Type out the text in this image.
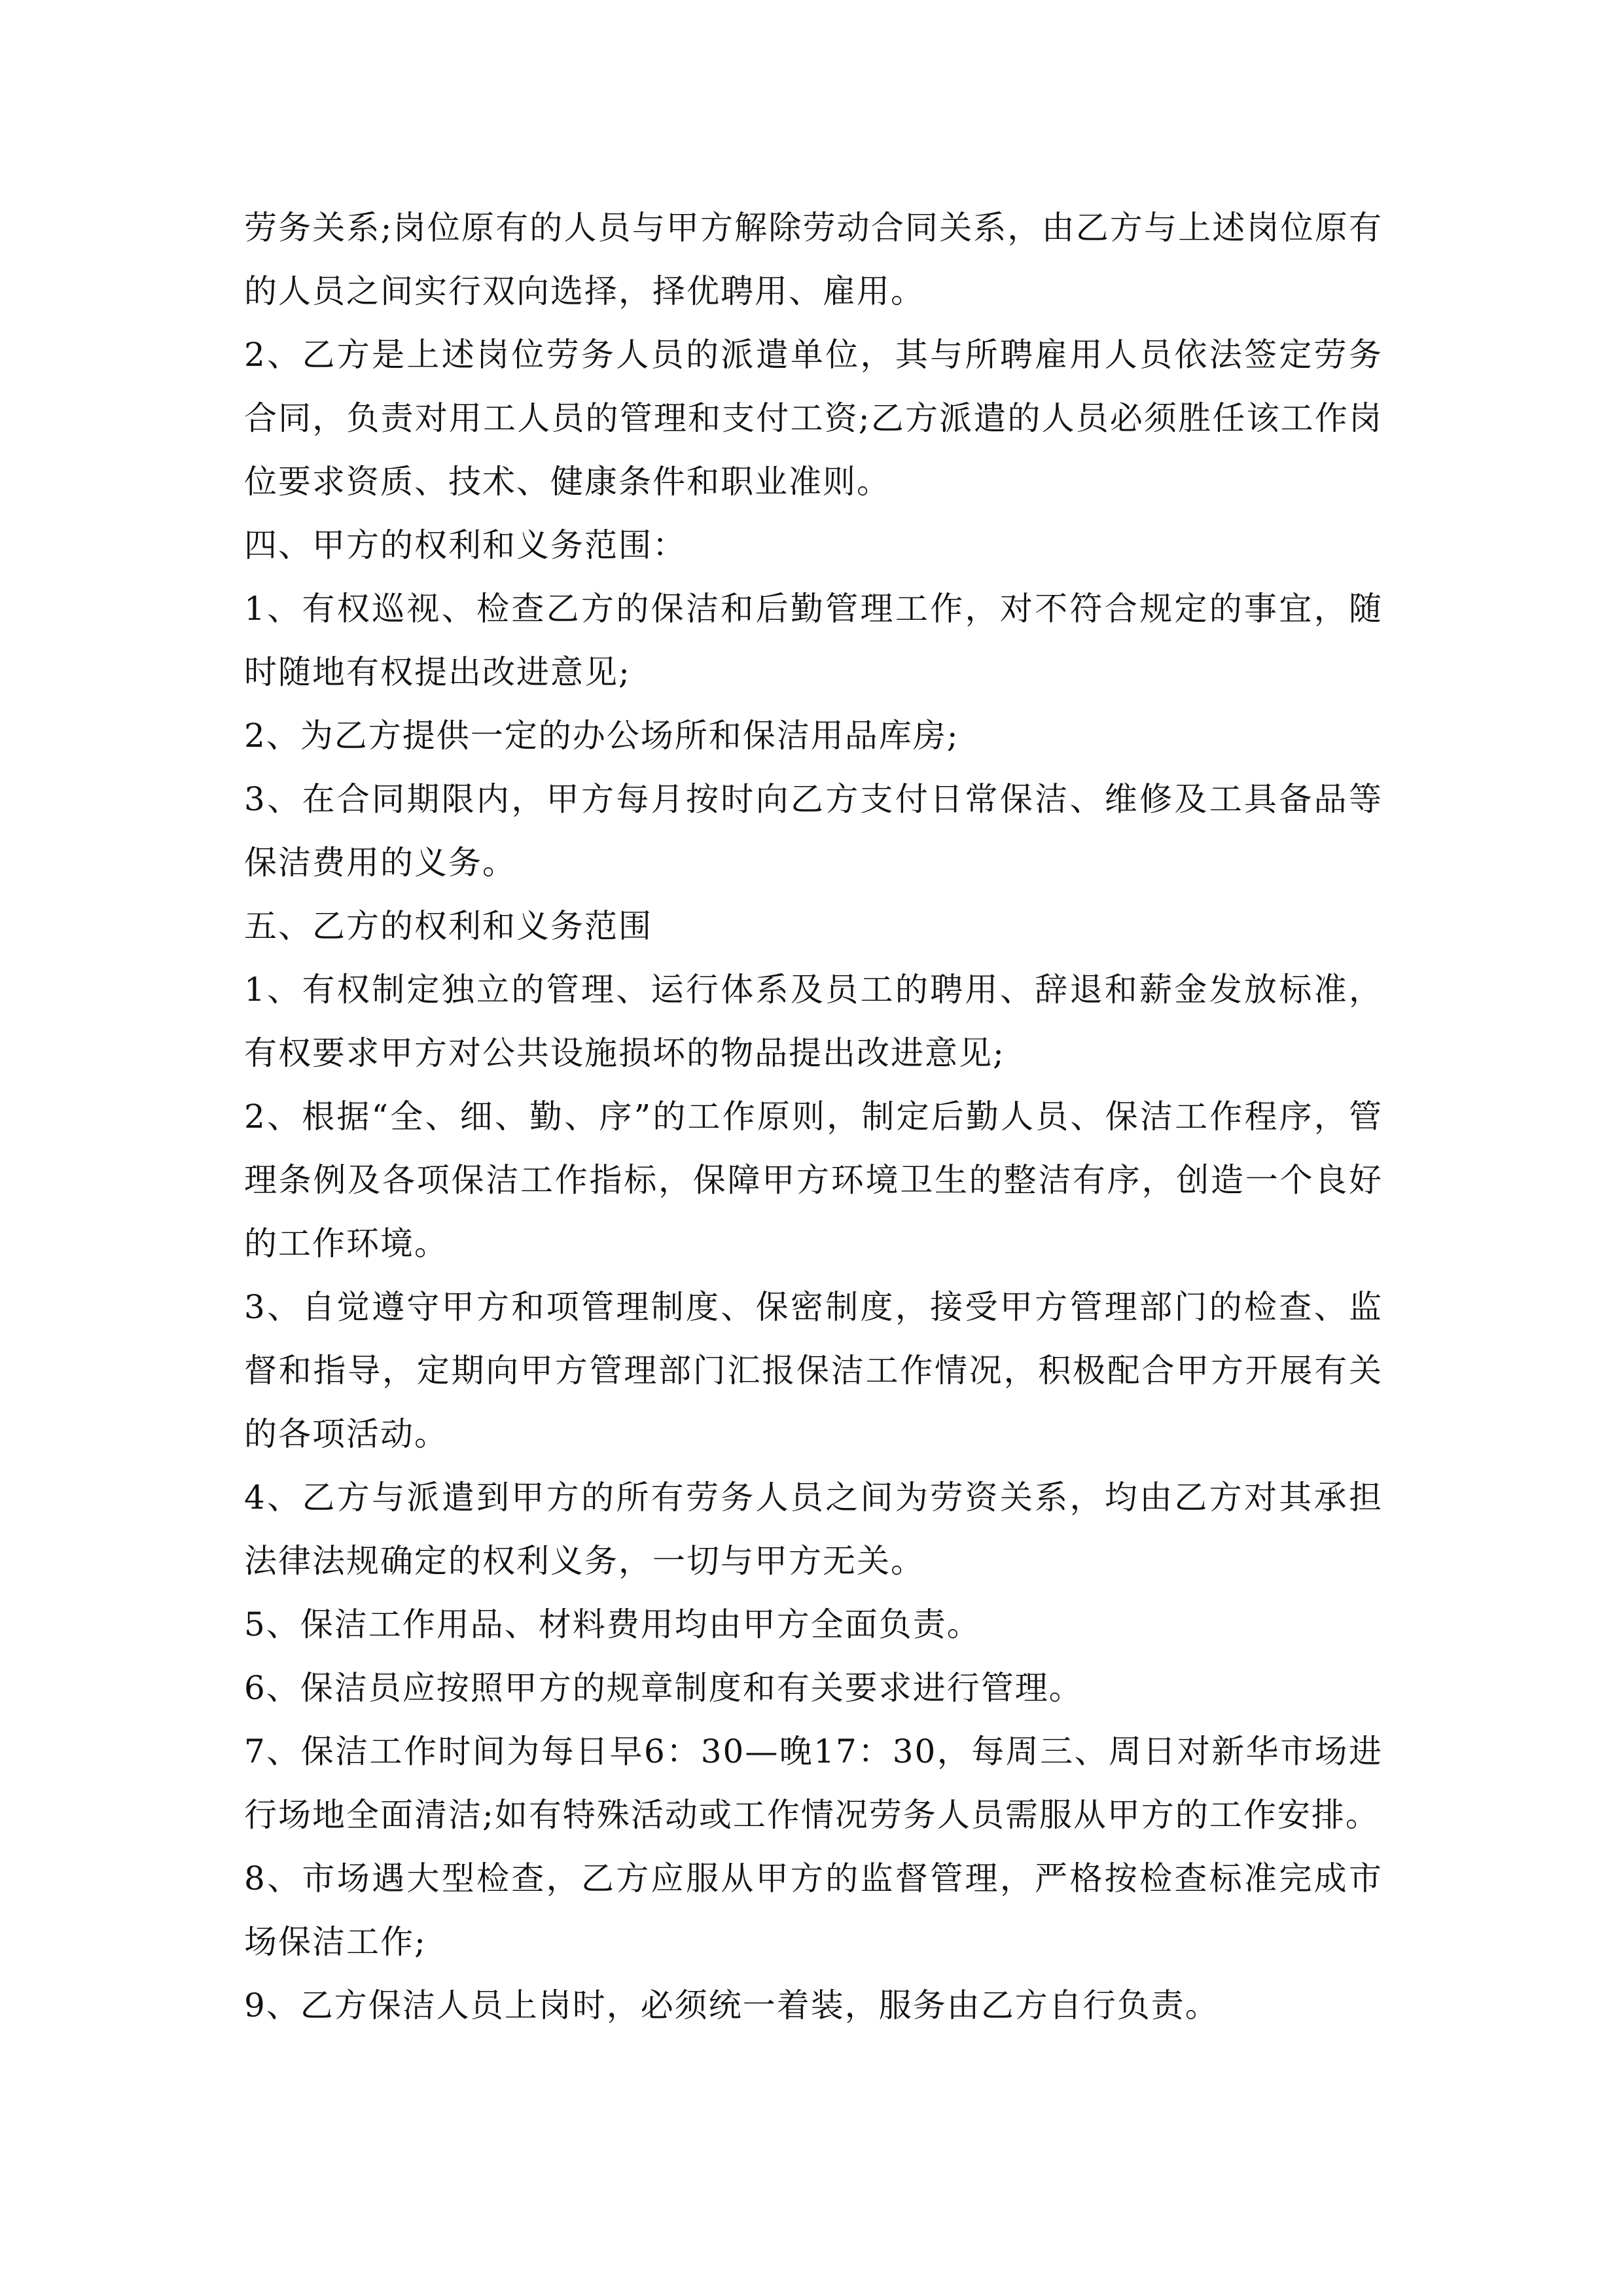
劳务关系;岗位原有的人员与甲方解除劳动合同关系，由乙方与上述岗位原有的人员之间实行双向选择，择优聘用、雇用。

2、乙方是上述岗位劳务人员的派遣单位，其与所聘雇用人员依法签定劳务合同，负责对用工人员的管理和支付工资;乙方派遣的人员必须胜任该工作岗位要求资质、技术、健康条件和职业准则。

四、甲方的权利和义务范围：

1、有权巡视、检查乙方的保洁和后勤管理工作，对不符合规定的事宜，随时随地有权提出改进意见;

2、为乙方提供一定的办公场所和保洁用品库房;

3、在合同期限内，甲方每月按时向乙方支付日常保洁、维修及工具备品等保洁费用的义务。

五、乙方的权利和义务范围

1、有权制定独立的管理、运行体系及员工的聘用、辞退和薪金发放标准，有权要求甲方对公共设施损坏的物品提出改进意见;

2、根据“全、细、勤、序”的工作原则，制定后勤人员、保洁工作程序，管理条例及各项保洁工作指标，保障甲方环境卫生的整洁有序，创造一个良好的工作环境。

3、自觉遵守甲方和项管理制度、保密制度，接受甲方管理部门的检查、监督和指导，定期向甲方管理部门汇报保洁工作情况，积极配合甲方开展有关的各项活动。

4、乙方与派遣到甲方的所有劳务人员之间为劳资关系，均由乙方对其承担法律法规确定的权利义务，一切与甲方无关。

5、保洁工作用品、材料费用均由甲方全面负责。

6、保洁员应按照甲方的规章制度和有关要求进行管理。

7、保洁工作时间为每日早6：30—晚17：30，每周三、周日对新华市场进行场地全面清洁;如有特殊活动或工作情况劳务人员需服从甲方的工作安排。

8、市场遇大型检查，乙方应服从甲方的监督管理，严格按检查标准完成市场保洁工作;

9、乙方保洁人员上岗时，必须统一着装，服务由乙方自行负责。
